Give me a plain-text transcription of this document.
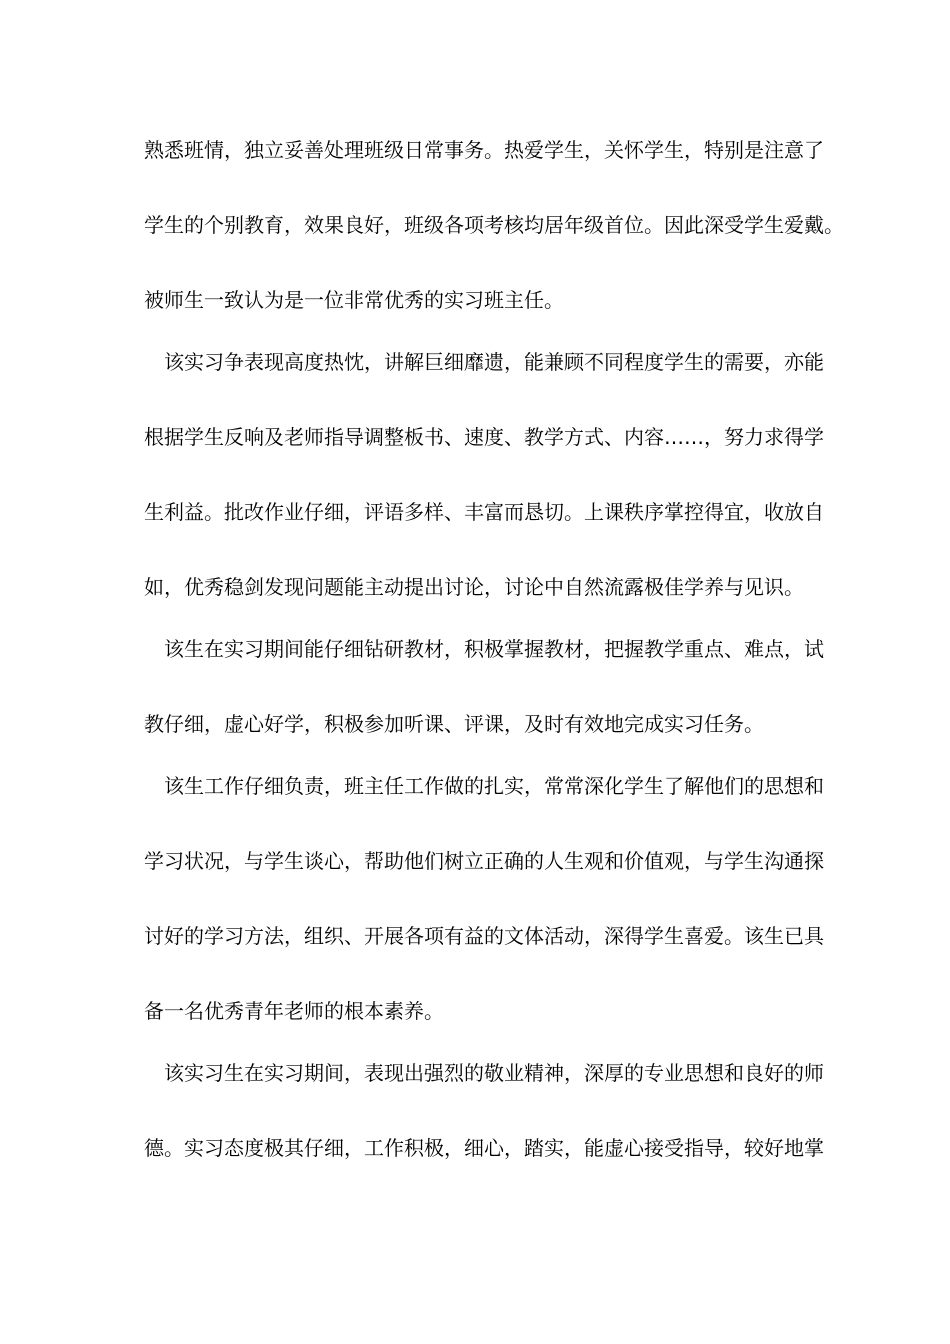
熟悉班情，独立妥善处理班级日常事务。热爱学生，关怀学生，特别是注意了
学生的个别教育，效果良好，班级各项考核均居年级首位。因此深受学生爱戴。
被师生一致认为是一位非常优秀的实习班主任。
该实习争表现高度热忱，讲解巨细靡遗，能兼顾不同程度学生的需要，亦能
根据学生反响及老师指导调整板书、速度、教学方式、内容……，努力求得学
生利益。批改作业仔细，评语多样、丰富而恳切。上课秩序掌控得宜，收放自
如，优秀稳剑发现问题能主动提出讨论，讨论中自然流露极佳学养与见识。
该生在实习期间能仔细钻研教材，积极掌握教材，把握教学重点、难点，试
教仔细，虚心好学，积极参加听课、评课，及时有效地完成实习任务。
该生工作仔细负责，班主任工作做的扎实，常常深化学生了解他们的思想和
学习状况，与学生谈心，帮助他们树立正确的人生观和价值观，与学生沟通探
讨好的学习方法，组织、开展各项有益的文体活动，深得学生喜爱。该生已具
备一名优秀青年老师的根本素养。
该实习生在实习期间，表现出强烈的敬业精神，深厚的专业思想和良好的师
德。实习态度极其仔细，工作积极，细心，踏实，能虚心接受指导，较好地掌
